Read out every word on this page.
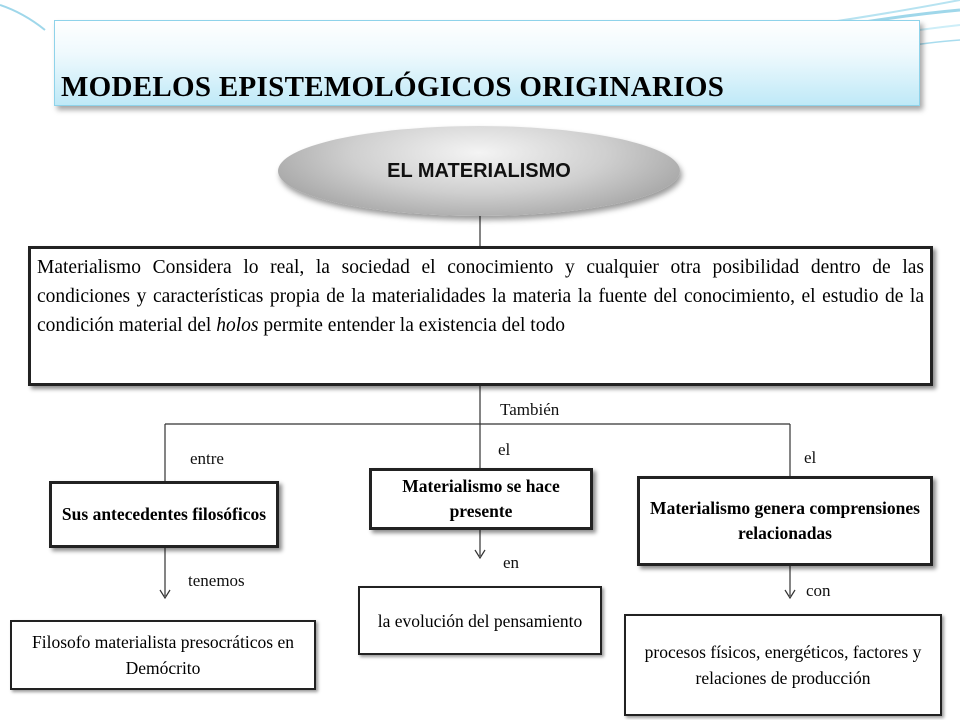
MODELOS EPISTEMOLÓGICOS ORIGINARIOS
EL MATERIALISMO
Materialismo Considera lo real, la sociedad el conocimiento y cualquier otra posibilidad dentro de las condiciones y características propia de la materialidades la materia la fuente del conocimiento, el estudio de la condición material del holos permite entender la existencia del todo
También
entre
Sus antecedentes filosóficos
tenemos
Filosofo materialista presocráticos en Demócrito
el
Materialismo se hace presente
en
la evolución del pensamiento
el
Materialismo genera comprensiones relacionadas
con
procesos físicos, energéticos, factores y relaciones de producción
